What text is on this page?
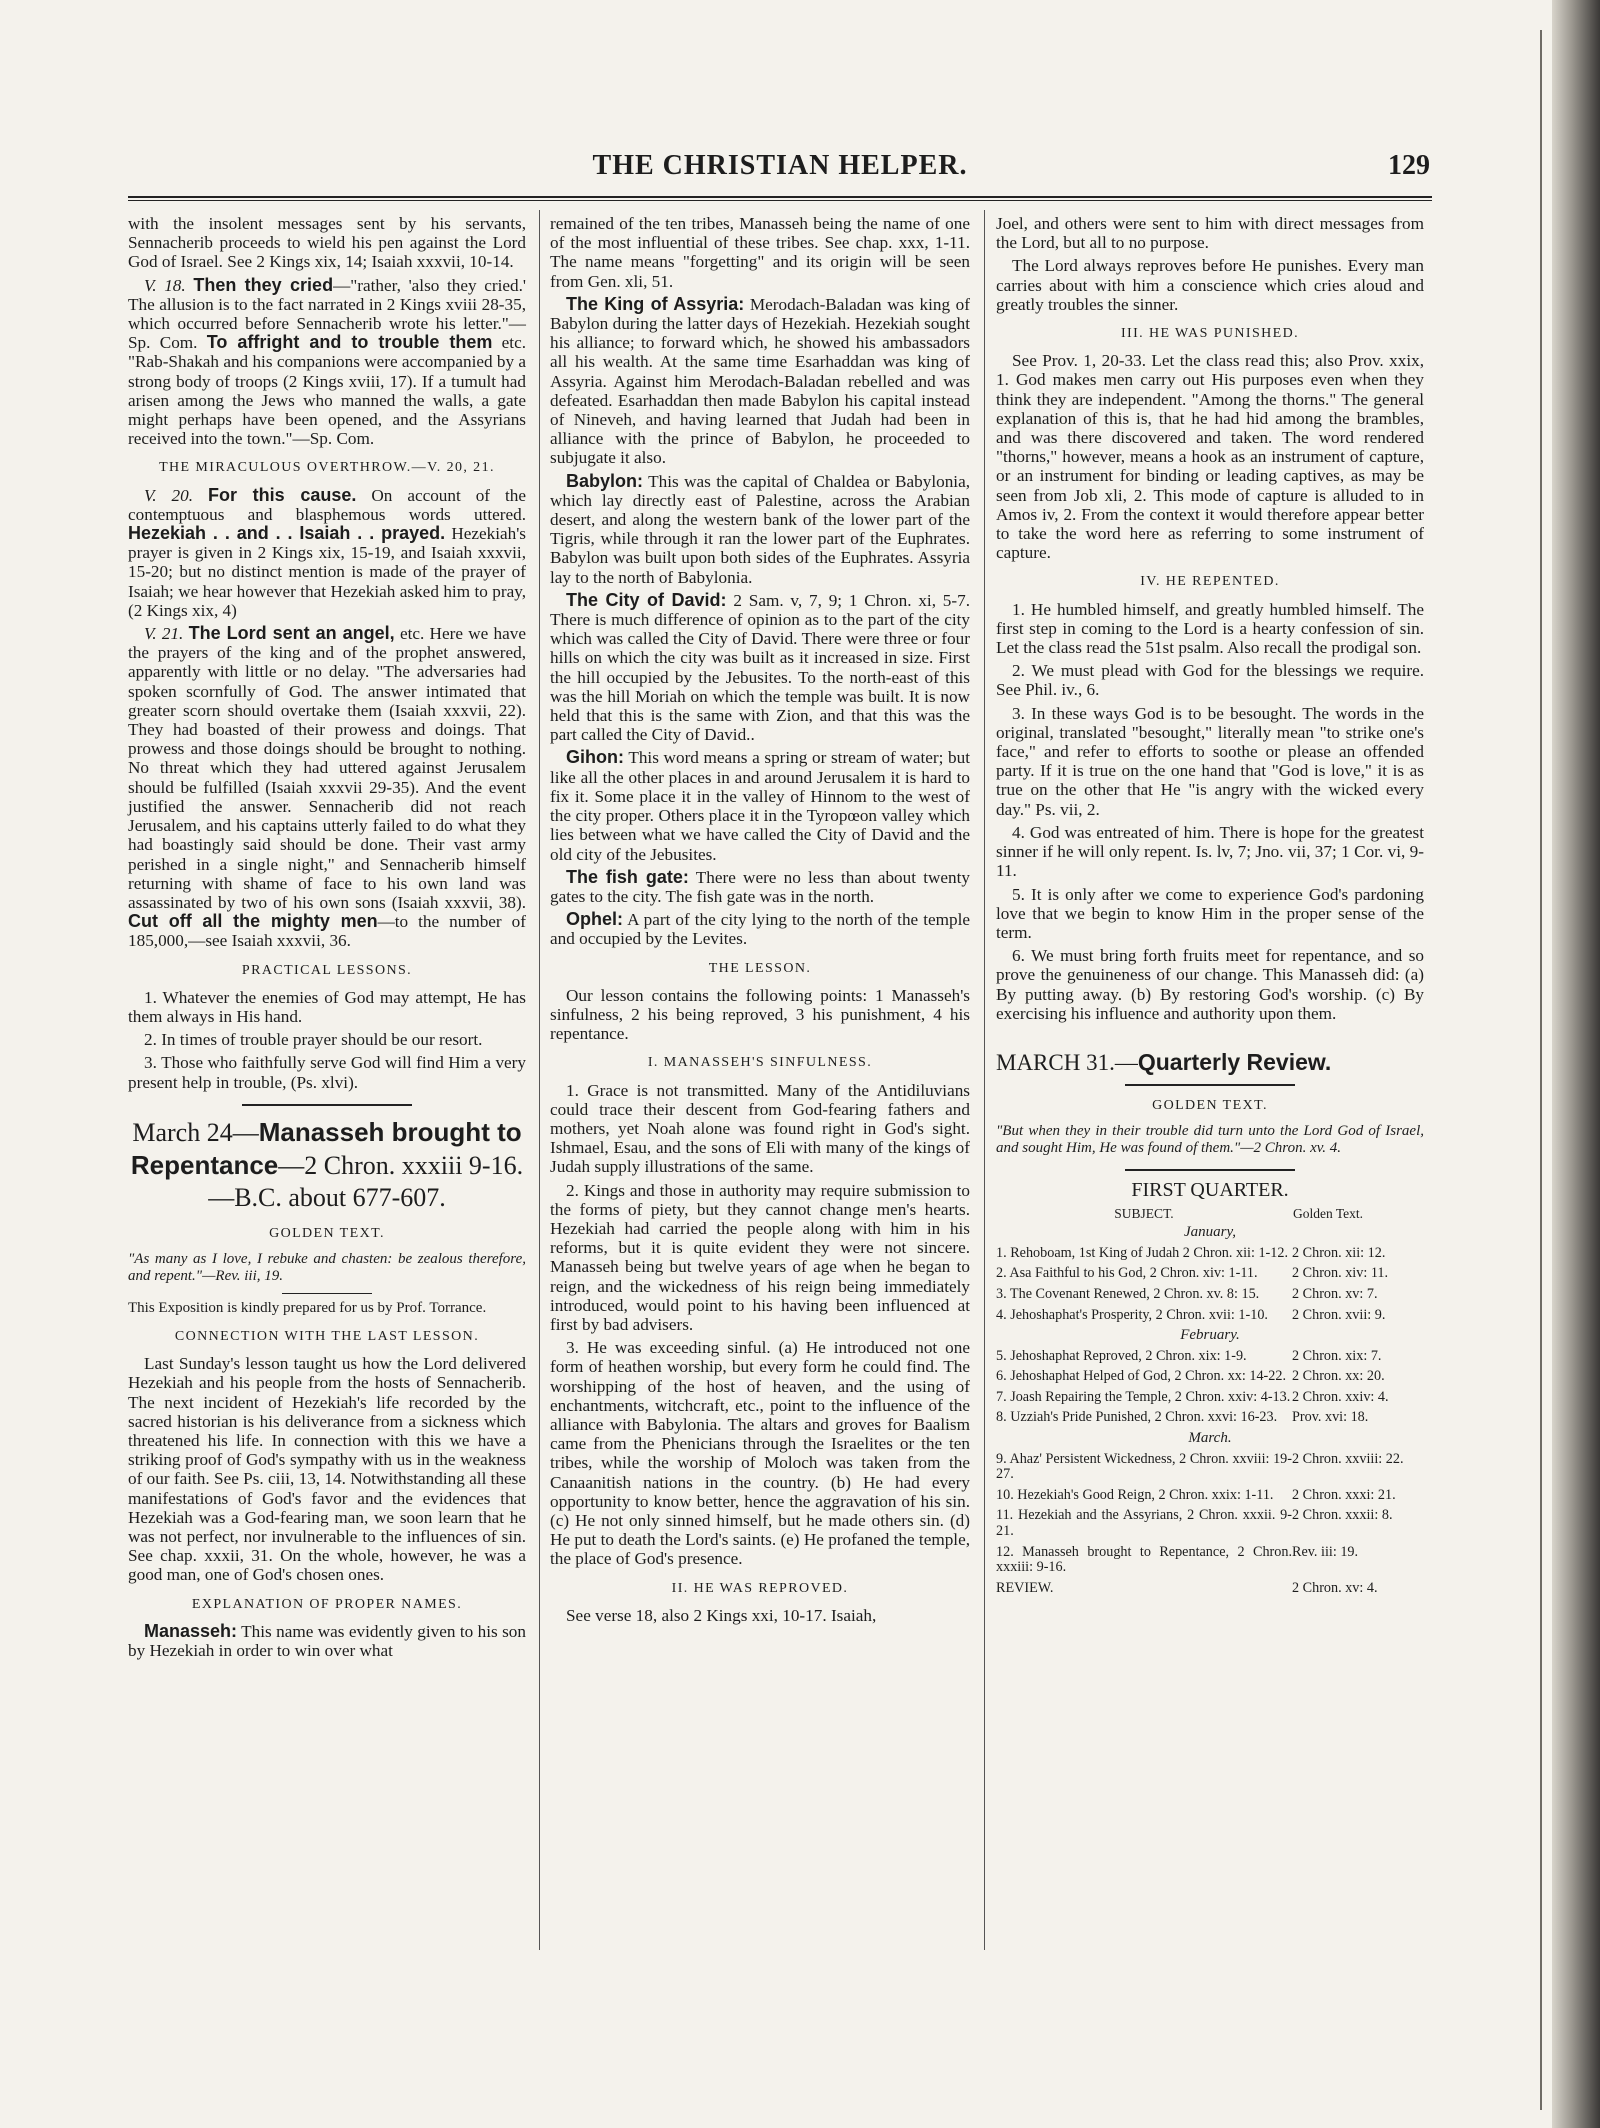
THE CHRISTIAN HELPER.	129

with the insolent messages sent by his servants, Sennacherib proceeds to wield his pen against the Lord God of Israel. See 2 Kings xix, 14; Isaiah xxxvii, 10-14.

V. 18. Then they cried—"rather, 'also they cried.' The allusion is to the fact narrated in 2 Kings xviii 28-35, which occurred before Sennacherib wrote his letter."—Sp. Com. To affright and to trouble them etc. "Rab-Shakah and his companions were accompanied by a strong body of troops (2 Kings xviii, 17). If a tumult had arisen among the Jews who manned the walls, a gate might perhaps have been opened, and the Assyrians received into the town."—Sp. Com.

THE MIRACULOUS OVERTHROW.—V. 20, 21.

V. 20. For this cause. On account of the contemptuous and blasphemous words uttered. Hezekiah . . and . . Isaiah . . prayed. Hezekiah's prayer is given in 2 Kings xix, 15-19, and Isaiah xxxvii, 15-20; but no distinct mention is made of the prayer of Isaiah; we hear however that Hezekiah asked him to pray, (2 Kings xix, 4)

V. 21. The Lord sent an angel, etc. Here we have the prayers of the king and of the prophet answered, apparently with little or no delay. "The adversaries had spoken scornfully of God. The answer intimated that greater scorn should overtake them (Isaiah xxxvii, 22). They had boasted of their prowess and doings. That prowess and those doings should be brought to nothing. No threat which they had uttered against Jerusalem should be fulfilled (Isaiah xxxvii 29-35). And the event justified the answer. Sennacherib did not reach Jerusalem, and his captains utterly failed to do what they had boastingly said should be done. Their vast army perished in a single night," and Sennacherib himself returning with shame of face to his own land was assassinated by two of his own sons (Isaiah xxxvii, 38). Cut off all the mighty men—to the number of 185,000,—see Isaiah xxxvii, 36.

PRACTICAL LESSONS.

1. Whatever the enemies of God may attempt, He has them always in His hand.

2. In times of trouble prayer should be our resort.

3. Those who faithfully serve God will find Him a very present help in trouble, (Ps. xlvi).

March 24—Manasseh brought to Repentance—2 Chron. xxxiii 9-16.—B.C. about 677-607.
GOLDEN TEXT.
"As many as I love, I rebuke and chasten: be zealous therefore, and repent."—Rev. iii, 19.
This Exposition is kindly prepared for us by Prof. Torrance.
CONNECTION WITH THE LAST LESSON.

Last Sunday's lesson taught us how the Lord delivered Hezekiah and his people from the hosts of Sennacherib. The next incident of Hezekiah's life recorded by the sacred historian is his deliverance from a sickness which threatened his life. In connection with this we have a striking proof of God's sympathy with us in the weakness of our faith. See Ps. ciii, 13, 14. Notwithstanding all these manifestations of God's favor and the evidences that Hezekiah was a God-fearing man, we soon learn that he was not perfect, nor invulnerable to the influences of sin. See chap. xxxii, 31. On the whole, however, he was a good man, one of God's chosen ones.

EXPLANATION OF PROPER NAMES.

Manasseh: This name was evidently given to his son by Hezekiah in order to win over what

remained of the ten tribes, Manasseh being the name of one of the most influential of these tribes. See chap. xxx, 1-11. The name means "forgetting" and its origin will be seen from Gen. xli, 51.

The King of Assyria: Merodach-Baladan was king of Babylon during the latter days of Hezekiah. Hezekiah sought his alliance; to forward which, he showed his ambassadors all his wealth. At the same time Esarhaddan was king of Assyria. Against him Merodach-Baladan rebelled and was defeated. Esarhaddan then made Babylon his capital instead of Nineveh, and having learned that Judah had been in alliance with the prince of Babylon, he proceeded to subjugate it also.

Babylon: This was the capital of Chaldea or Babylonia, which lay directly east of Palestine, across the Arabian desert, and along the western bank of the lower part of the Tigris, while through it ran the lower part of the Euphrates. Babylon was built upon both sides of the Euphrates. Assyria lay to the north of Babylonia.

The City of David: 2 Sam. v, 7, 9; 1 Chron. xi, 5-7. There is much difference of opinion as to the part of the city which was called the City of David. There were three or four hills on which the city was built as it increased in size. First the hill occupied by the Jebusites. To the north-east of this was the hill Moriah on which the temple was built. It is now held that this is the same with Zion, and that this was the part called the City of David..

Gihon: This word means a spring or stream of water; but like all the other places in and around Jerusalem it is hard to fix it. Some place it in the valley of Hinnom to the west of the city proper. Others place it in the Tyropœon valley which lies between what we have called the City of David and the old city of the Jebusites.

The fish gate: There were no less than about twenty gates to the city. The fish gate was in the north.

Ophel: A part of the city lying to the north of the temple and occupied by the Levites.

THE LESSON.

Our lesson contains the following points: 1 Manasseh's sinfulness, 2 his being reproved, 3 his punishment, 4 his repentance.

I. MANASSEH'S SINFULNESS.

1. Grace is not transmitted. Many of the Antidiluvians could trace their descent from God-fearing fathers and mothers, yet Noah alone was found right in God's sight. Ishmael, Esau, and the sons of Eli with many of the kings of Judah supply illustrations of the same.

2. Kings and those in authority may require submission to the forms of piety, but they cannot change men's hearts. Hezekiah had carried the people along with him in his reforms, but it is quite evident they were not sincere. Manasseh being but twelve years of age when he began to reign, and the wickedness of his reign being immediately introduced, would point to his having been influenced at first by bad advisers.

3. He was exceeding sinful. (a) He introduced not one form of heathen worship, but every form he could find. The worshipping of the host of heaven, and the using of enchantments, witchcraft, etc., point to the influence of the alliance with Babylonia. The altars and groves for Baalism came from the Phenicians through the Israelites or the ten tribes, while the worship of Moloch was taken from the Canaanitish nations in the country. (b) He had every opportunity to know better, hence the aggravation of his sin. (c) He not only sinned himself, but he made others sin. (d) He put to death the Lord's saints. (e) He profaned the temple, the place of God's presence.

II. HE WAS REPROVED.

See verse 18, also 2 Kings xxi, 10-17. Isaiah,

Joel, and others were sent to him with direct messages from the Lord, but all to no purpose.

The Lord always reproves before He punishes. Every man carries about with him a conscience which cries aloud and greatly troubles the sinner.

III. HE WAS PUNISHED.

See Prov. 1, 20-33. Let the class read this; also Prov. xxix, 1. God makes men carry out His purposes even when they think they are independent. "Among the thorns." The general explanation of this is, that he had hid among the brambles, and was there discovered and taken. The word rendered "thorns," however, means a hook as an instrument of capture, or an instrument for binding or leading captives, as may be seen from Job xli, 2. This mode of capture is alluded to in Amos iv, 2. From the context it would therefore appear better to take the word here as referring to some instrument of capture.

IV. HE REPENTED.

1. He humbled himself, and greatly humbled himself. The first step in coming to the Lord is a hearty confession of sin. Let the class read the 51st psalm. Also recall the prodigal son.

2. We must plead with God for the blessings we require. See Phil. iv., 6.

3. In these ways God is to be besought. The words in the original, translated "besought," literally mean "to strike one's face," and refer to efforts to soothe or please an offended party. If it is true on the one hand that "God is love," it is as true on the other that He "is angry with the wicked every day." Ps. vii, 2.

4. God was entreated of him. There is hope for the greatest sinner if he will only repent. Is. lv, 7; Jno. vii, 37; 1 Cor. vi, 9-11.

5. It is only after we come to experience God's pardoning love that we begin to know Him in the proper sense of the term.

6. We must bring forth fruits meet for repentance, and so prove the genuineness of our change. This Manasseh did: (a) By putting away. (b) By restoring God's worship. (c) By exercising his influence and authority upon them.

MARCH 31.—Quarterly Review.
GOLDEN TEXT.
"But when they in their trouble did turn unto the Lord God of Israel, and sought Him, He was found of them."—2 Chron. xv. 4.
FIRST QUARTER.
SUBJECT.	Golden Text.
January,	
1. Rehoboam, 1st King of Judah 2 Chron. xii: 1-12.	2 Chron. xii: 12.
2. Asa Faithful to his God, 2 Chron. xiv: 1-11.	2 Chron. xiv: 11.
3. The Covenant Renewed, 2 Chron. xv. 8: 15.	2 Chron. xv: 7.
4. Jehoshaphat's Prosperity, 2 Chron. xvii: 1-10.	2 Chron. xvii: 9.
February.	
5. Jehoshaphat Reproved, 2 Chron. xix: 1-9.	2 Chron. xix: 7.
6. Jehoshaphat Helped of God, 2 Chron. xx: 14-22.	2 Chron. xx: 20.
7. Joash Repairing the Temple, 2 Chron. xxiv: 4-13.	2 Chron. xxiv: 4.
8. Uzziah's Pride Punished, 2 Chron. xxvi: 16-23.	Prov. xvi: 18.
March.	
9. Ahaz' Persistent Wickedness, 2 Chron. xxviii: 19-27.	2 Chron. xxviii: 22.
10. Hezekiah's Good Reign, 2 Chron. xxix: 1-11.	2 Chron. xxxi: 21.
11. Hezekiah and the Assyrians, 2 Chron. xxxii. 9-21.	2 Chron. xxxii: 8.
12. Manasseh brought to Repentance, 2 Chron. xxxiii: 9-16.	Rev. iii: 19.
REVIEW.	2 Chron. xv: 4.
